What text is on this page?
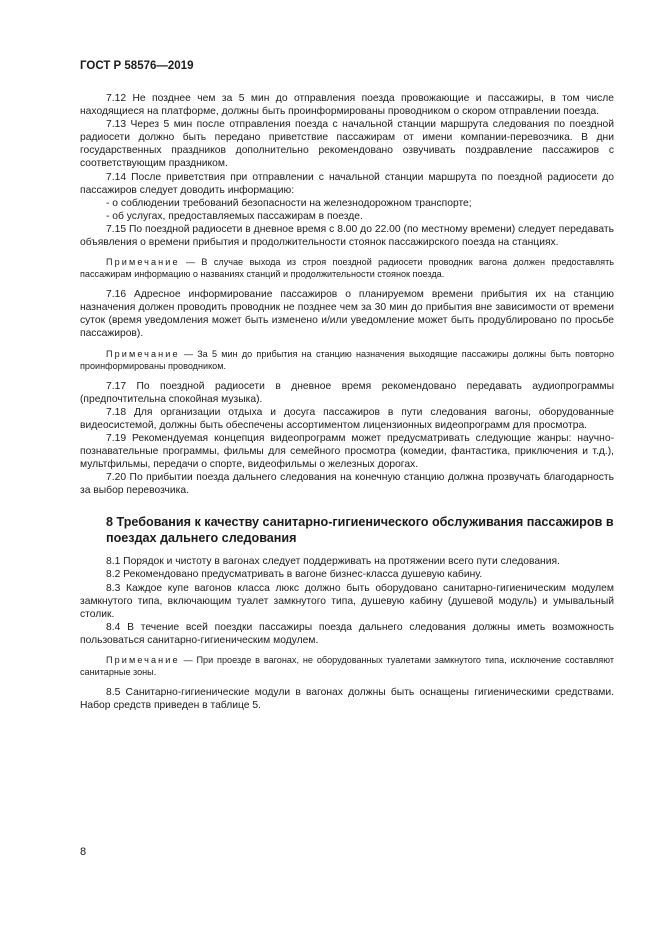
ГОСТ Р 58576—2019

7.12 Не позднее чем за 5 мин до отправления поезда провожающие и пассажиры, в том числе находящиеся на платформе, должны быть проинформированы проводником о скором отправлении поезда.

7.13 Через 5 мин после отправления поезда с начальной станции маршрута следования по поездной радиосети должно быть передано приветствие пассажирам от имени компании-перевозчика. В дни государственных праздников дополнительно рекомендовано озвучивать поздравление пассажиров с соответствующим праздником.

7.14 После приветствия при отправлении с начальной станции маршрута по поездной радиосети до пассажиров следует доводить информацию:

- о соблюдении требований безопасности на железнодорожном транспорте;

- об услугах, предоставляемых пассажирам в поезде.

7.15 По поездной радиосети в дневное время с 8.00 до 22.00 (по местному времени) следует передавать объявления о времени прибытия и продолжительности стоянок пассажирского поезда на станциях.

Примечание — В случае выхода из строя поездной радиосети проводник вагона должен предоставлять пассажирам информацию о названиях станций и продолжительности стоянок поезда.

7.16 Адресное информирование пассажиров о планируемом времени прибытия их на станцию назначения должен проводить проводник не позднее чем за 30 мин до прибытия вне зависимости от времени суток (время уведомления может быть изменено и/или уведомление может быть продублировано по просьбе пассажиров).

Примечание — За 5 мин до прибытия на станцию назначения выходящие пассажиры должны быть повторно проинформированы проводником.

7.17 По поездной радиосети в дневное время рекомендовано передавать аудиопрограммы (предпочтительна спокойная музыка).

7.18 Для организации отдыха и досуга пассажиров в пути следования вагоны, оборудованные видеосистемой, должны быть обеспечены ассортиментом лицензионных видеопрограмм для просмотра.

7.19 Рекомендуемая концепция видеопрограмм может предусматривать следующие жанры: научно-познавательные программы, фильмы для семейного просмотра (комедии, фантастика, приключения и т.д.), мультфильмы, передачи о спорте, видеофильмы о железных дорогах.

7.20 По прибытии поезда дальнего следования на конечную станцию должна прозвучать благодарность за выбор перевозчика.

8 Требования к качеству санитарно-гигиенического обслуживания пассажиров в поездах дальнего следования

8.1 Порядок и чистоту в вагонах следует поддерживать на протяжении всего пути следования.

8.2 Рекомендовано предусматривать в вагоне бизнес-класса душевую кабину.

8.3 Каждое купе вагонов класса люкс должно быть оборудовано санитарно-гигиеническим модулем замкнутого типа, включающим туалет замкнутого типа, душевую кабину (душевой модуль) и умывальный столик.

8.4 В течение всей поездки пассажиры поезда дальнего следования должны иметь возможность пользоваться санитарно-гигиеническим модулем.

Примечание — При проезде в вагонах, не оборудованных туалетами замкнутого типа, исключение составляют санитарные зоны.

8.5 Санитарно-гигиенические модули в вагонах должны быть оснащены гигиеническими средствами. Набор средств приведен в таблице 5.

8
